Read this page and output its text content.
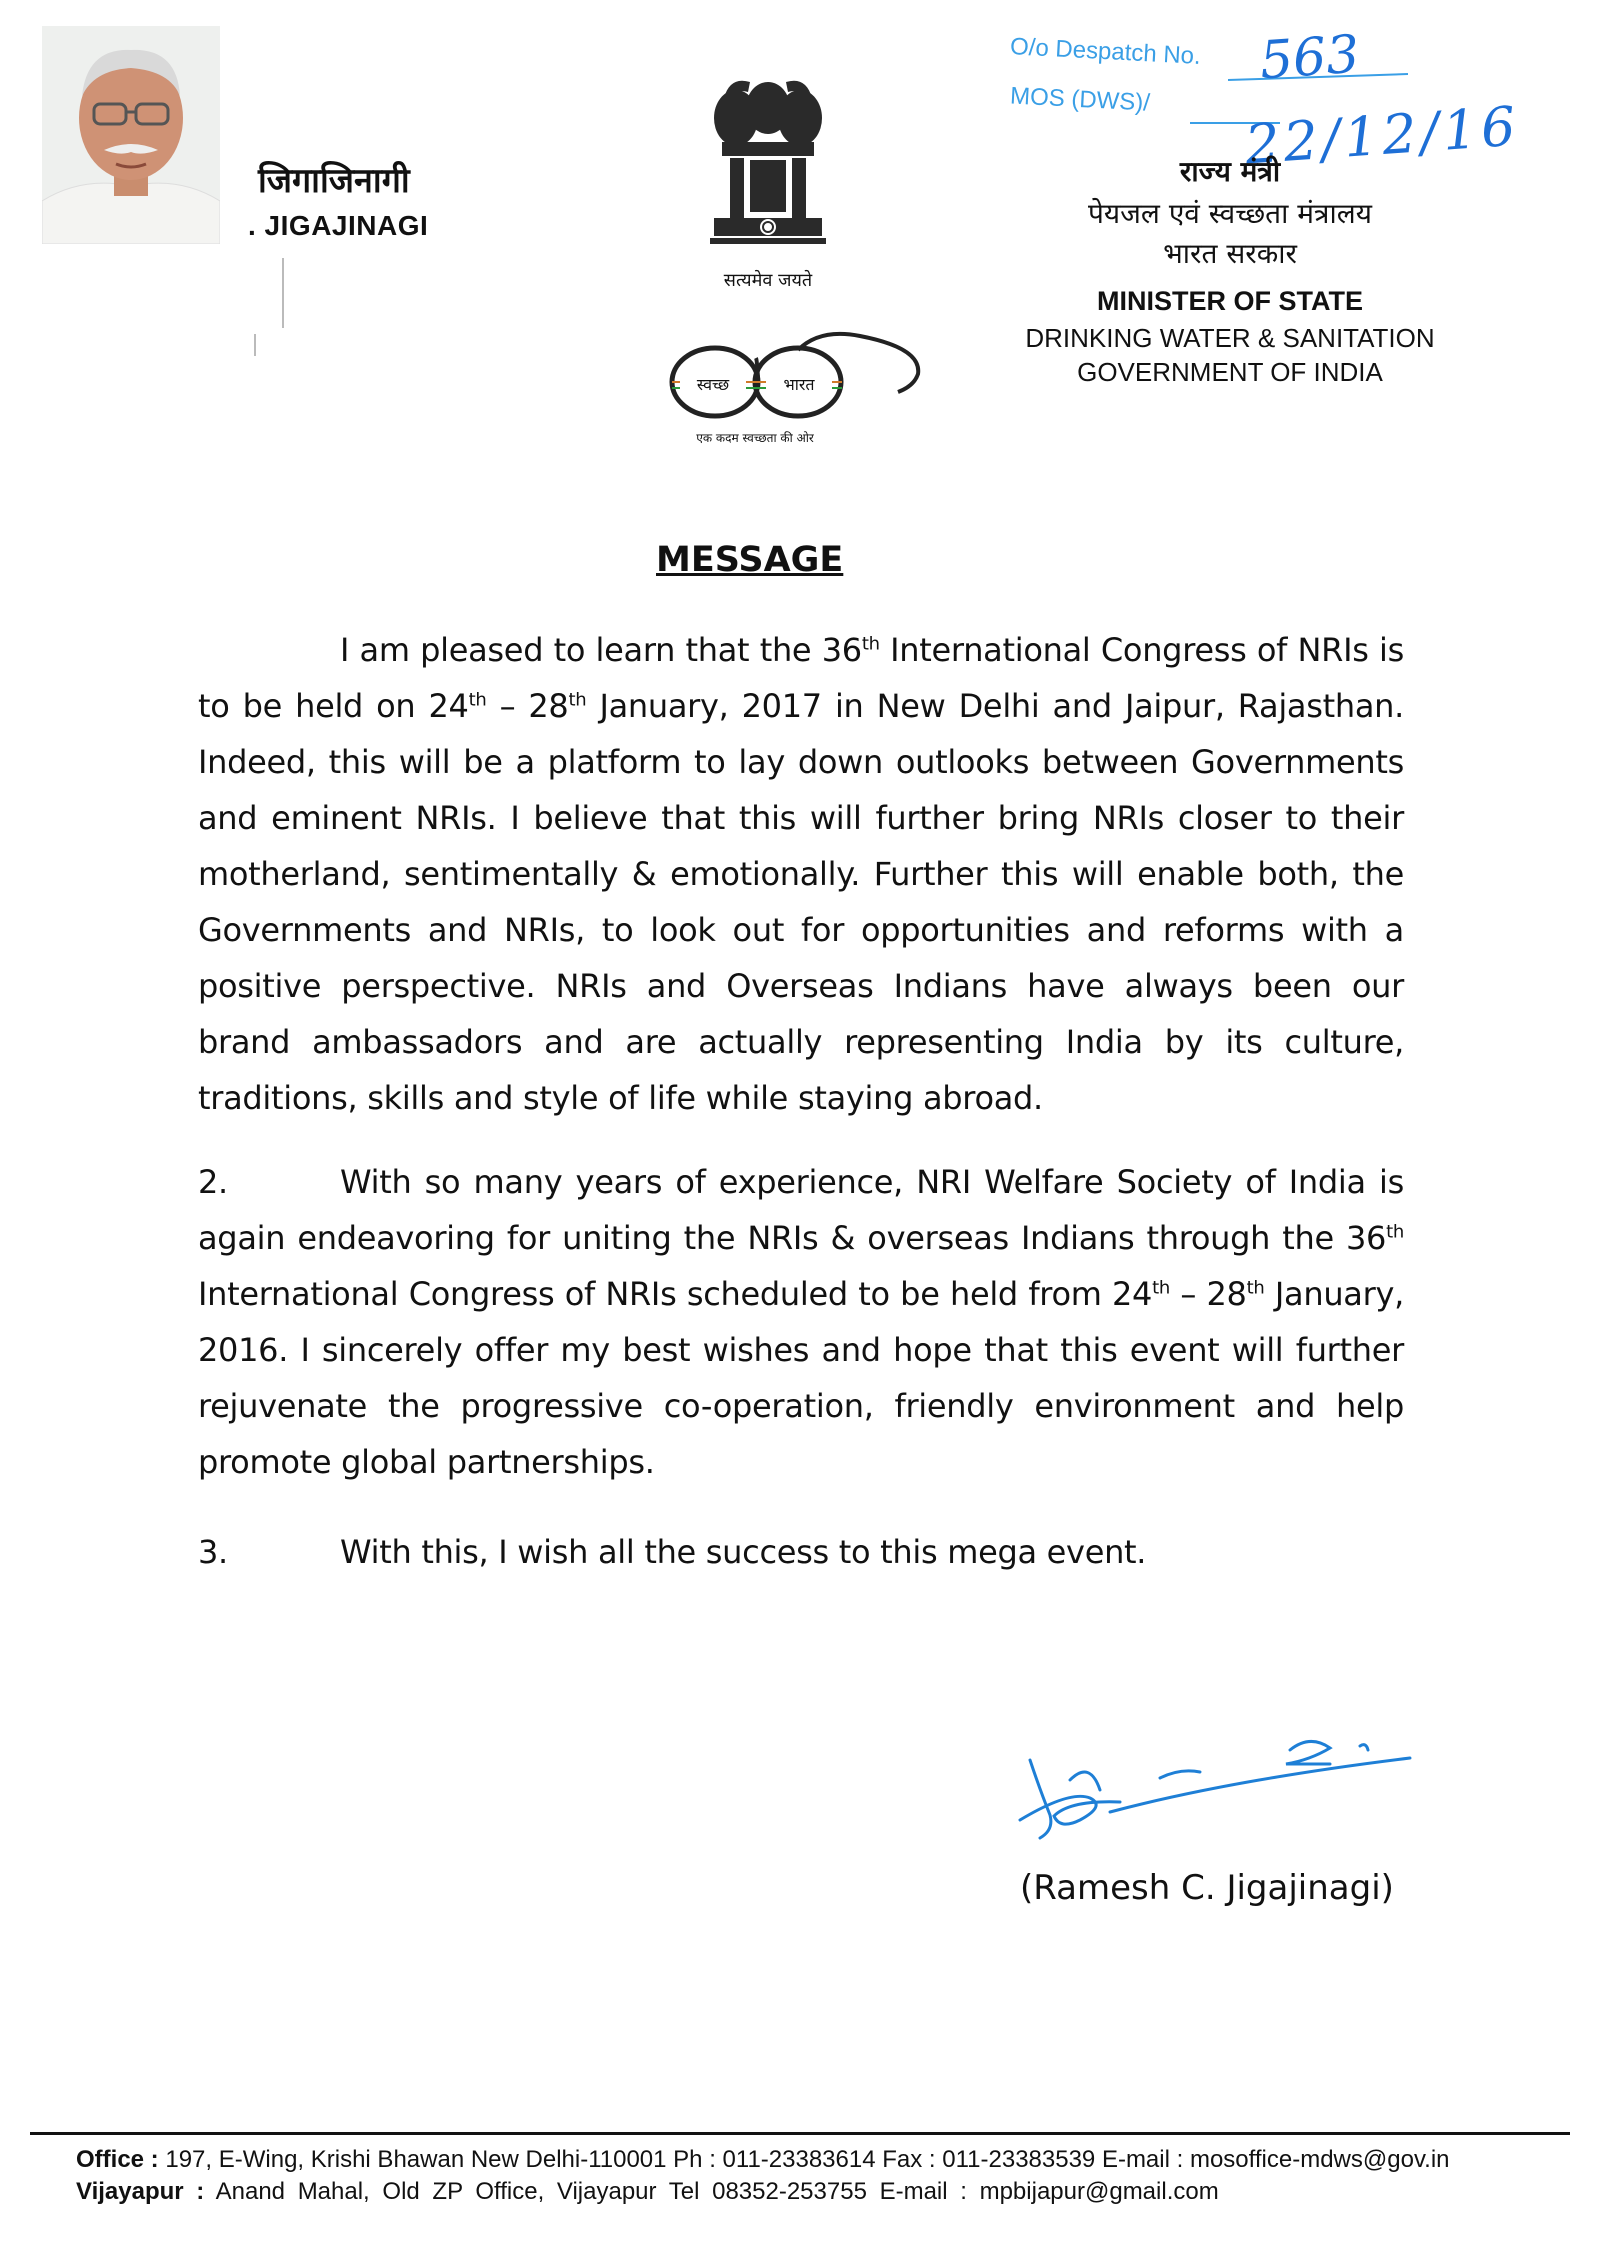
जिगाजिनागी
. JIGAJINAGI
सत्यमेव जयते
स्वच्छ	भारत
एक कदम स्वच्छता की ओर
O/o Despatch No.
MOS (DWS)/
563
22/12/16
राज्य मंत्री
पेयजल एवं स्वच्छता मंत्रालय
भारत सरकार
MINISTER OF STATE
DRINKING WATER & SANITATION
GOVERNMENT OF INDIA
MESSAGE
I am pleased to learn that the 36th International Congress of NRIs is to be held on 24th – 28th January, 2017 in New Delhi and Jaipur, Rajasthan. Indeed, this will be a platform to lay down outlooks between Governments and eminent NRIs. I believe that this will further bring NRIs closer to their motherland, sentimentally & emotionally. Further this will enable both, the Governments and NRIs, to look out for opportunities and reforms with a positive perspective. NRIs and Overseas Indians have always been our brand ambassadors and are actually representing India by its culture, traditions, skills and style of life while staying abroad.
2.	With so many years of experience, NRI Welfare Society of India is again endeavoring for uniting the NRIs & overseas Indians through the 36th International Congress of NRIs scheduled to be held from 24th – 28th January, 2016. I sincerely offer my best wishes and hope that this event will further rejuvenate the progressive co-operation, friendly environment and help promote global partnerships.
3.	With this, I wish all the success to this mega event.
(Ramesh C. Jigajinagi)
Office : 197, E-Wing, Krishi Bhawan New Delhi-110001 Ph : 011-23383614 Fax : 011-23383539 E-mail : mosoffice-mdws@gov.in
Vijayapur : Anand Mahal, Old ZP Office, Vijayapur Tel 08352-253755 E-mail : mpbijapur@gmail.com
